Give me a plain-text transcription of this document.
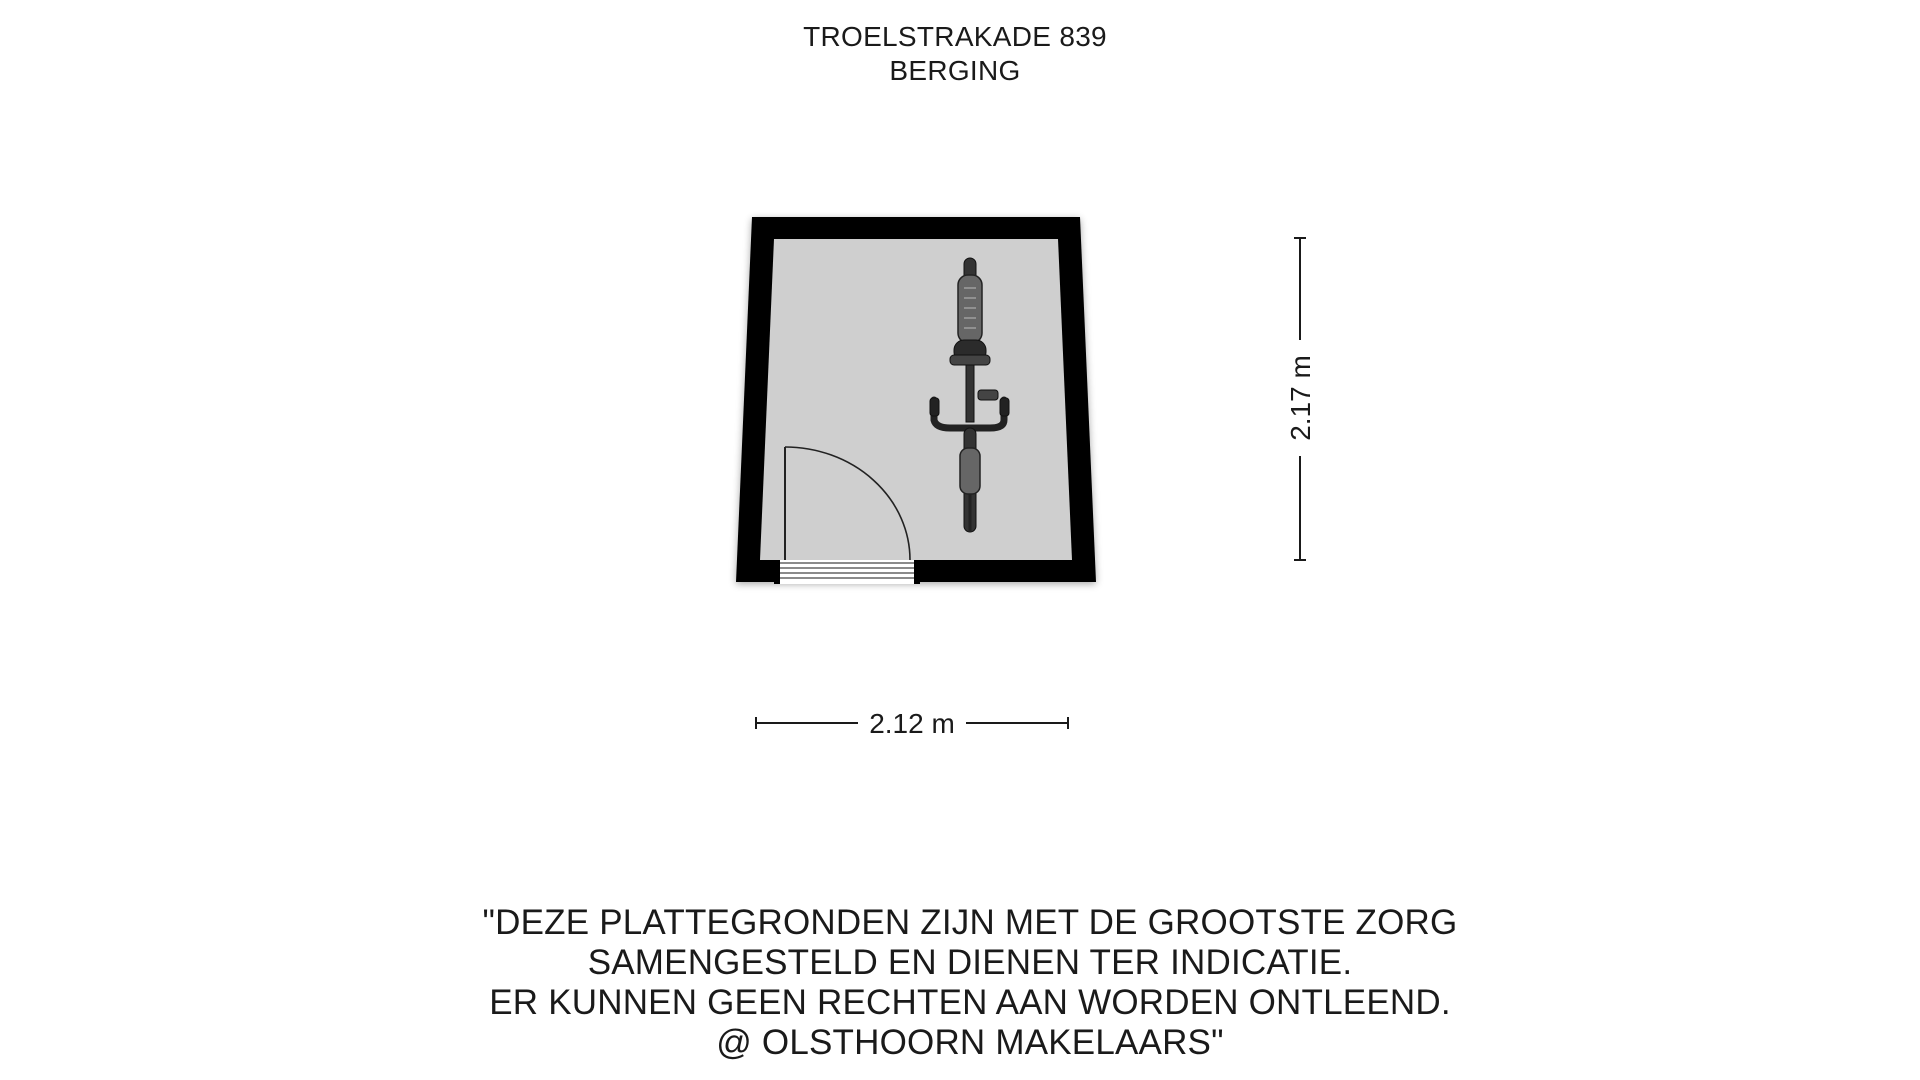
TROELSTRAKADE 839
BERGING
2.17 m
2.12 m
"DEZE PLATTEGRONDEN ZIJN MET DE GROOTSTE ZORG
SAMENGESTELD EN DIENEN TER INDICATIE.
ER KUNNEN GEEN RECHTEN AAN WORDEN ONTLEEND.
@ OLSTHOORN MAKELAARS"
